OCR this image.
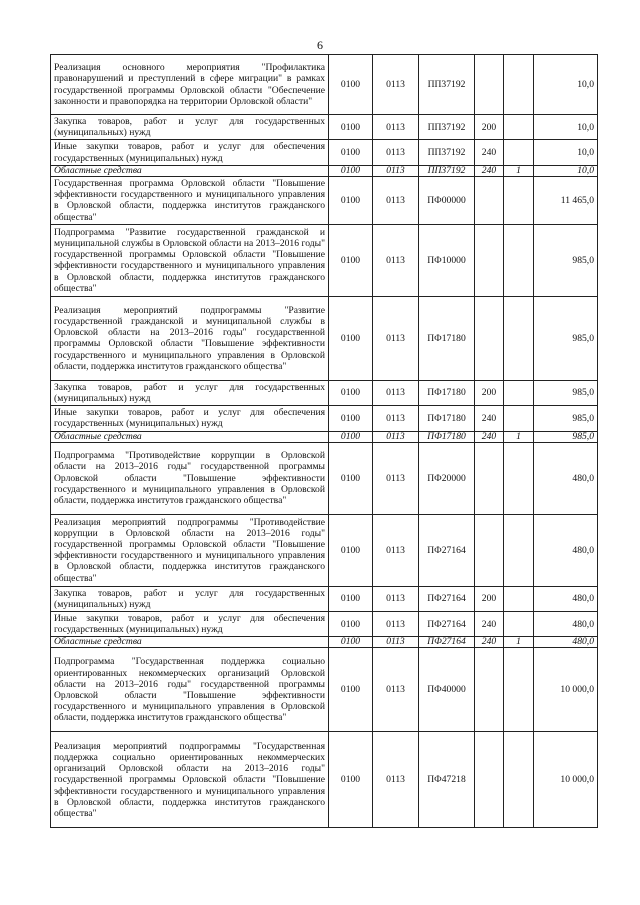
6
Реализация основного мероприятия "Профилактика правонарушений и преступлений в сфере миграции" в рамках государственной программы Орловской области "Обеспечение законности и правопорядка на территории Орловской области"	0100	0113	ПП37192			10,0
Закупка товаров, работ и услуг для государственных (муниципальных) нужд	0100	0113	ПП37192	200		10,0
Иные закупки товаров, работ и услуг для обеспечения государственных (муниципальных) нужд	0100	0113	ПП37192	240		10,0
Областные средства	0100	0113	ПП37192	240	1	10,0
Государственная программа Орловской области "Повышение эффективности государственного и муниципального управления в Орловской области, поддержка институтов гражданского общества"	0100	0113	ПФ00000			11 465,0
Подпрограмма "Развитие государственной гражданской и муниципальной службы в Орловской области на 2013–2016 годы" государственной программы Орловской области "Повышение эффективности государственного и муниципального управления в Орловской области, поддержка институтов гражданского общества"	0100	0113	ПФ10000			985,0
Реализация мероприятий подпрограммы "Развитие государственной гражданской и муниципальной службы в Орловской области на 2013–2016 годы" государственной программы Орловской области "Повышение эффективности государственного и муниципального управления в Орловской области, поддержка институтов гражданского общества"	0100	0113	ПФ17180			985,0
Закупка товаров, работ и услуг для государственных (муниципальных) нужд	0100	0113	ПФ17180	200		985,0
Иные закупки товаров, работ и услуг для обеспечения государственных (муниципальных) нужд	0100	0113	ПФ17180	240		985,0
Областные средства	0100	0113	ПФ17180	240	1	985,0
Подпрограмма "Противодействие коррупции в Орловской области на 2013–2016 годы" государственной программы Орловской области "Повышение эффективности государственного и муниципального управления в Орловской области, поддержка институтов гражданского общества"	0100	0113	ПФ20000			480,0
Реализация мероприятий подпрограммы "Противодействие коррупции в Орловской области на 2013–2016 годы" государственной программы Орловской области "Повышение эффективности государственного и муниципального управления в Орловской области, поддержка институтов гражданского общества"	0100	0113	ПФ27164			480,0
Закупка товаров, работ и услуг для государственных (муниципальных) нужд	0100	0113	ПФ27164	200		480,0
Иные закупки товаров, работ и услуг для обеспечения государственных (муниципальных) нужд	0100	0113	ПФ27164	240		480,0
Областные средства	0100	0113	ПФ27164	240	1	480,0
Подпрограмма "Государственная поддержка социально ориентированных некоммерческих организаций Орловской области на 2013–2016 годы" государственной программы Орловской области "Повышение эффективности государственного и муниципального управления в Орловской области, поддержка институтов гражданского общества"	0100	0113	ПФ40000			10 000,0
Реализация мероприятий подпрограммы "Государственная поддержка социально ориентированных некоммерческих организаций Орловской области на 2013–2016 годы" государственной программы Орловской области "Повышение эффективности государственного и муниципального управления в Орловской области, поддержка институтов гражданского общества"	0100	0113	ПФ47218			10 000,0
